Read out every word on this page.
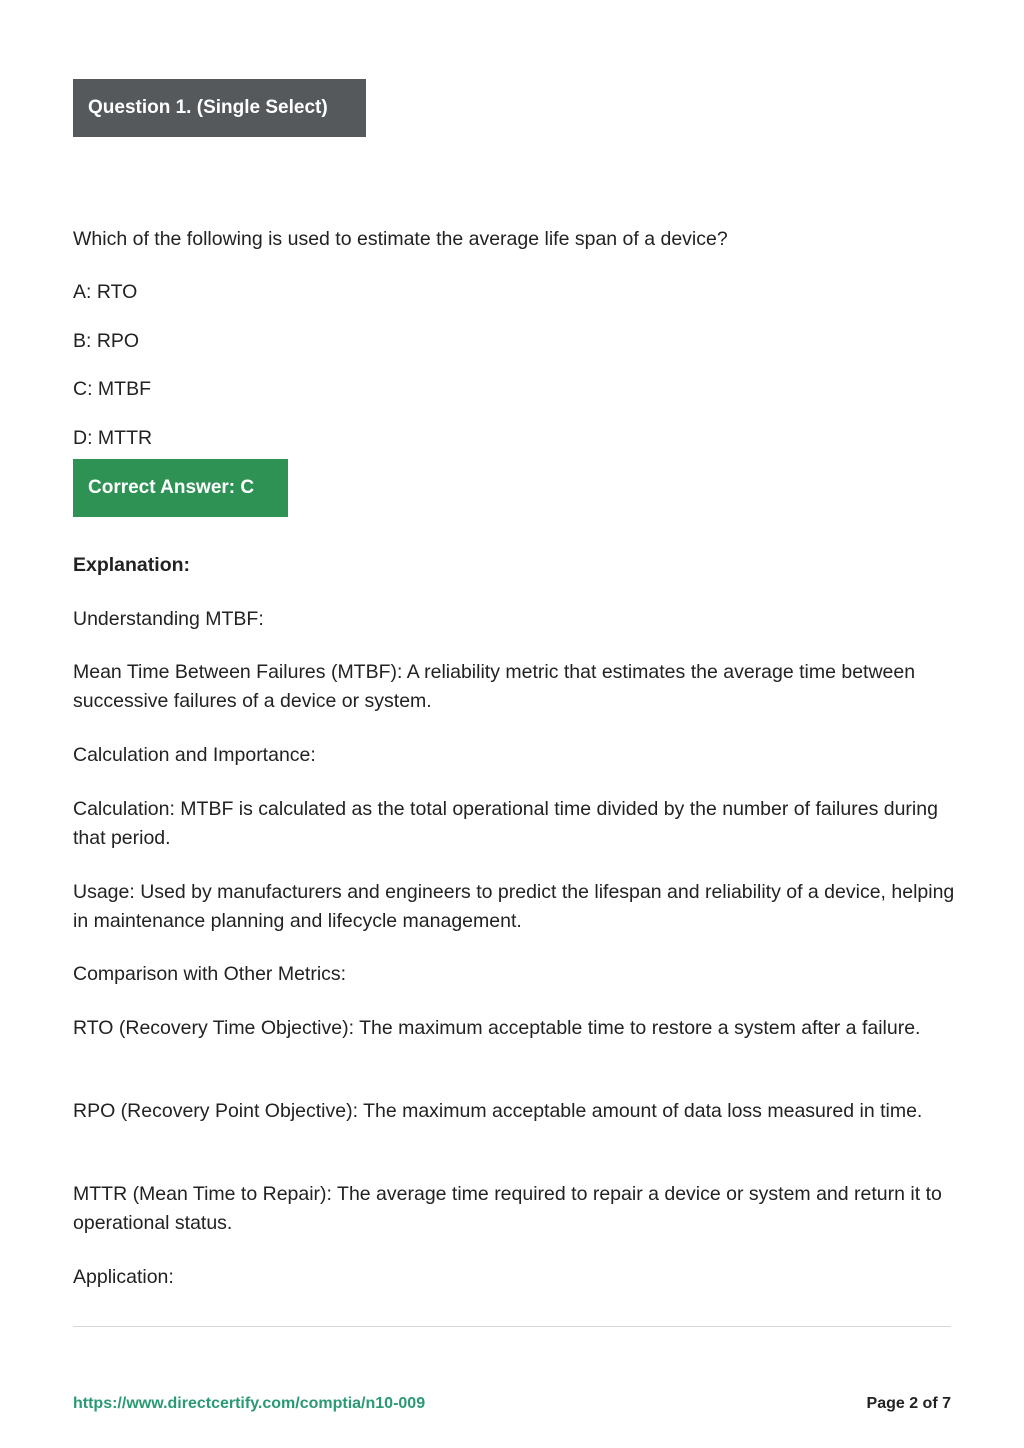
Question 1. (Single Select)

Which of the following is used to estimate the average life span of a device?

A: RTO

B: RPO

C: MTBF

D: MTTR

Correct Answer: C

Explanation:

Understanding MTBF:

Mean Time Between Failures (MTBF): A reliability metric that estimates the average time between successive failures of a device or system.

Calculation and Importance:

Calculation: MTBF is calculated as the total operational time divided by the number of failures during that period.

Usage: Used by manufacturers and engineers to predict the lifespan and reliability of a device, helping in maintenance planning and lifecycle management.

Comparison with Other Metrics:

RTO (Recovery Time Objective): The maximum acceptable time to restore a system after a failure.

RPO (Recovery Point Objective): The maximum acceptable amount of data loss measured in time.

MTTR (Mean Time to Repair): The average time required to repair a device or system and return it to operational status.

Application:

https://www.directcertify.com/comptia/n10-009	Page 2 of 7
